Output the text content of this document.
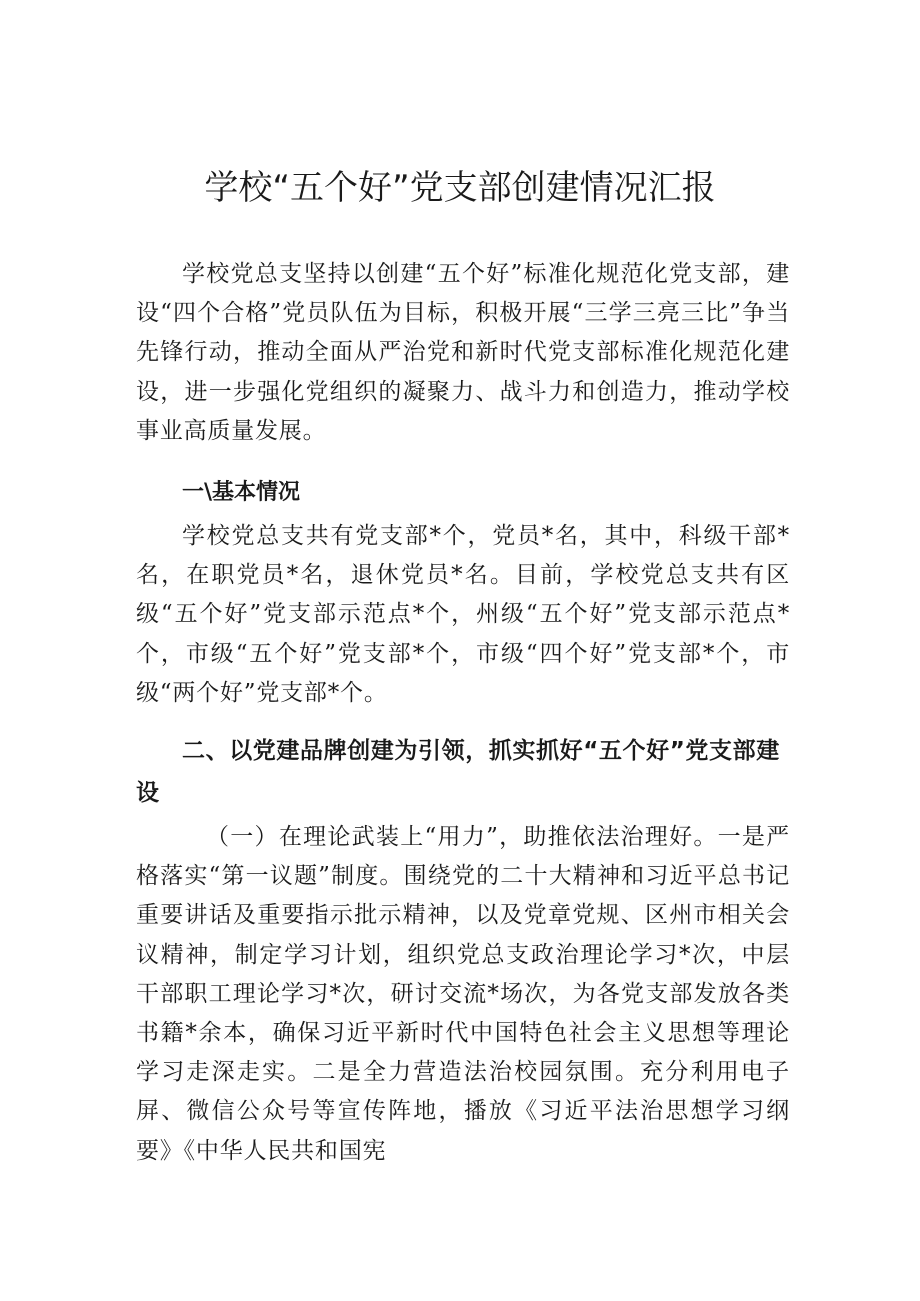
学校“五个好”党支部创建情况汇报

学校党总支坚持以创建“五个好”标准化规范化党支部，建设“四个合格”党员队伍为目标，积极开展“三学三亮三比”争当先锋行动，推动全面从严治党和新时代党支部标准化规范化建设，进一步强化党组织的凝聚力、战斗力和创造力，推动学校事业高质量发展。

一\基本情况

学校党总支共有党支部*个，党员*名，其中，科级干部*名，在职党员*名，退休党员*名。目前，学校党总支共有区级“五个好”党支部示范点*个，州级“五个好”党支部示范点*个，市级“五个好”党支部*个，市级“四个好”党支部*个，市级“两个好”党支部*个。

二、以党建品牌创建为引领，抓实抓好“五个好”党支部建设

（一）在理论武装上“用力”，助推依法治理好。一是严格落实“第一议题”制度。围绕党的二十大精神和习近平总书记重要讲话及重要指示批示精神，以及党章党规、区州市相关会议精神，制定学习计划，组织党总支政治理论学习*次，中层干部职工理论学习*次，研讨交流*场次，为各党支部发放各类书籍*余本，确保习近平新时代中国特色社会主义思想等理论学习走深走实。二是全力营造法治校园氛围。充分利用电子屏、微信公众号等宣传阵地，播放《习近平法治思想学习纲要》《中华人民共和国宪
